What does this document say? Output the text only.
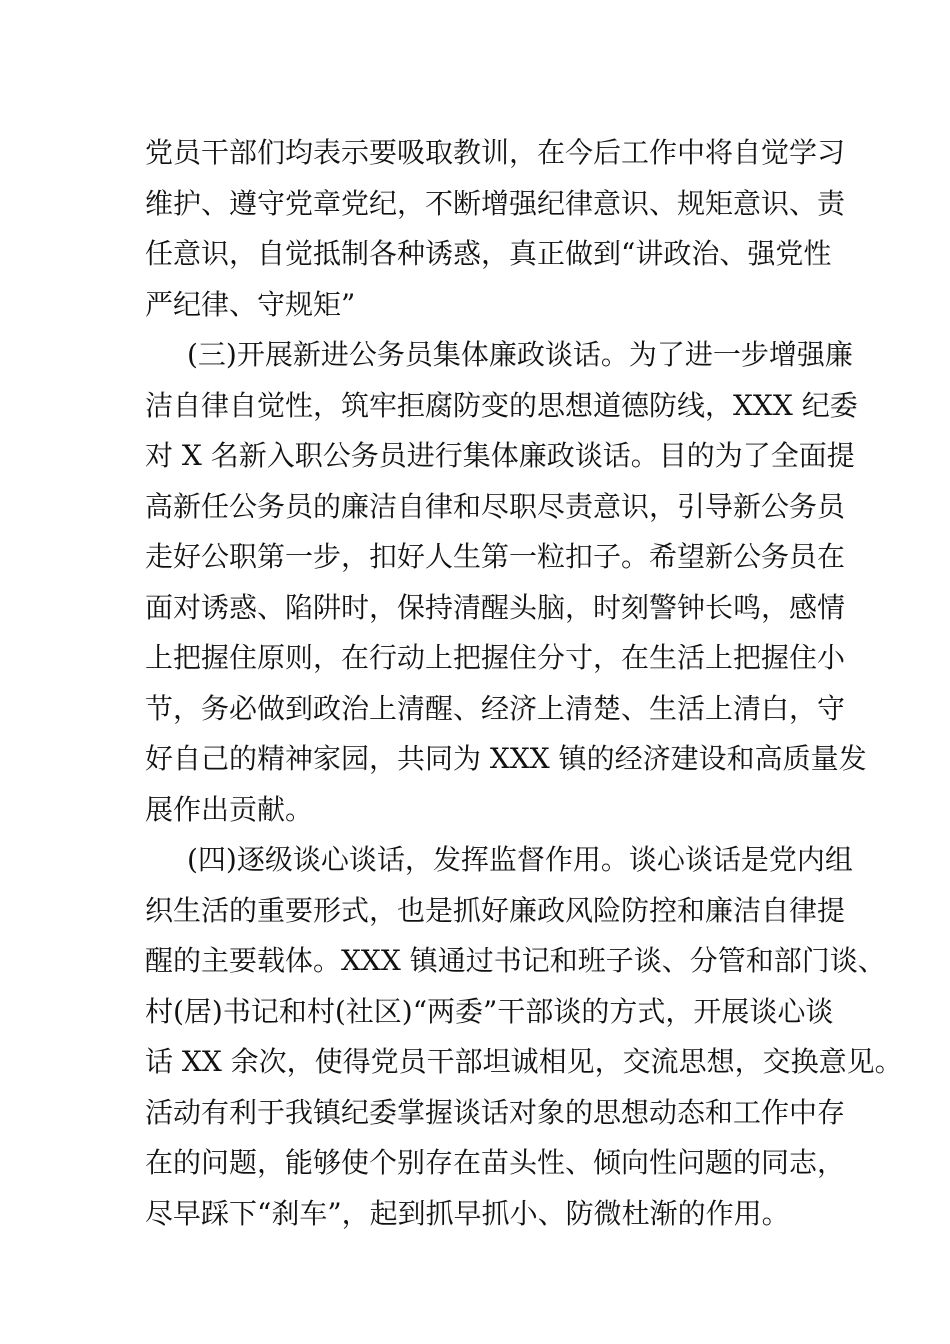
党员干部们均表示要吸取教训，在今后工作中将自觉学习
维护、遵守党章党纪，不断增强纪律意识、规矩意识、责
任意识，自觉抵制各种诱惑，真正做到“讲政治、强党性
严纪律、守规矩”
(三)开展新进公务员集体廉政谈话。为了进一步增强廉
洁自律自觉性，筑牢拒腐防变的思想道德防线，XXX 纪委
对 X 名新入职公务员进行集体廉政谈话。目的为了全面提
高新任公务员的廉洁自律和尽职尽责意识，引导新公务员
走好公职第一步，扣好人生第一粒扣子。希望新公务员在
面对诱惑、陷阱时，保持清醒头脑，时刻警钟长鸣，感情
上把握住原则，在行动上把握住分寸，在生活上把握住小
节，务必做到政治上清醒、经济上清楚、生活上清白，守
好自己的精神家园，共同为 XXX 镇的经济建设和高质量发
展作出贡献。
(四)逐级谈心谈话，发挥监督作用。谈心谈话是党内组
织生活的重要形式，也是抓好廉政风险防控和廉洁自律提
醒的主要载体。XXX 镇通过书记和班子谈、分管和部门谈、
村(居)书记和村(社区)“两委”干部谈的方式，开展谈心谈
话 XX 余次，使得党员干部坦诚相见，交流思想，交换意见。
活动有利于我镇纪委掌握谈话对象的思想动态和工作中存
在的问题，能够使个别存在苗头性、倾向性问题的同志，
尽早踩下“刹车”，起到抓早抓小、防微杜渐的作用。
